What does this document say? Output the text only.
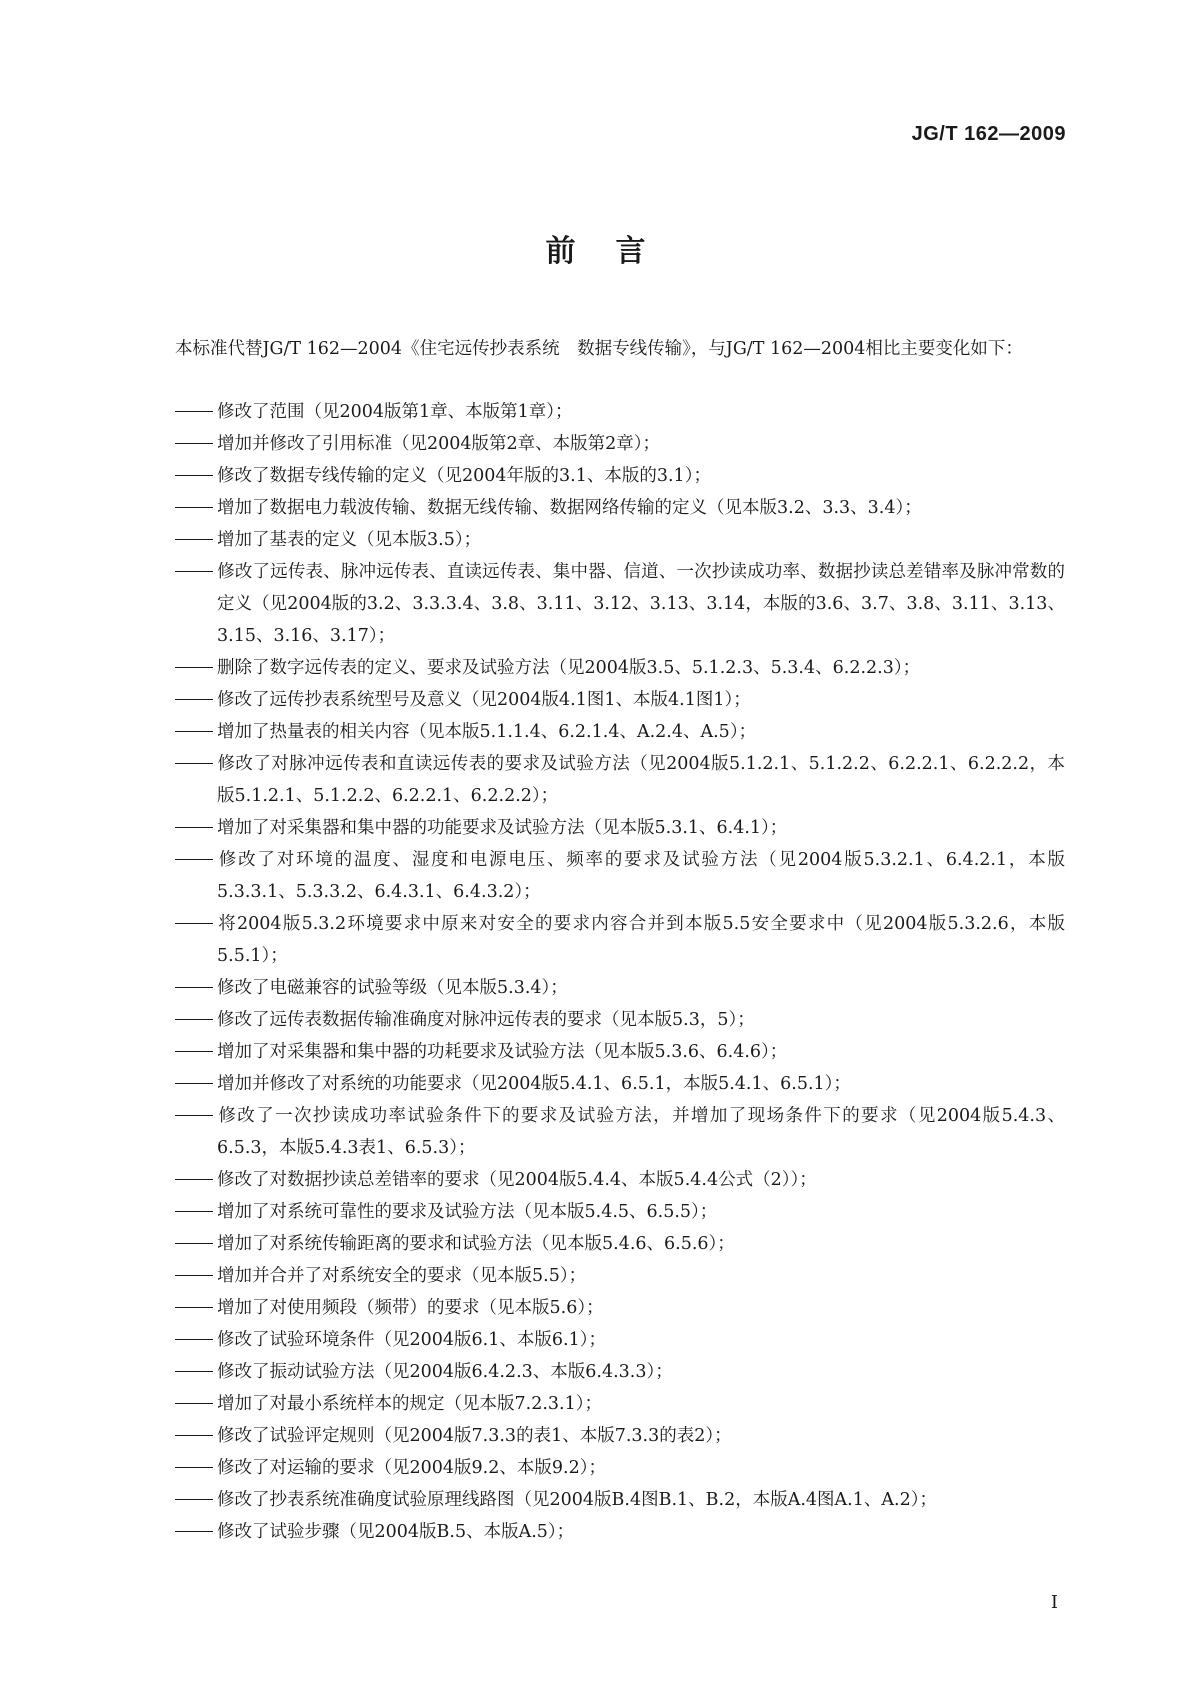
JG/T 162—2009
前言

本标准代替JG/T 162—2004《住宅远传抄表系统　数据专线传输》，与JG/T 162—2004相比主要变化如下：

修改了范围（见2004版第1章、本版第1章）；
增加并修改了引用标准（见2004版第2章、本版第2章）；
修改了数据专线传输的定义（见2004年版的3.1、本版的3.1）；
增加了数据电力载波传输、数据无线传输、数据网络传输的定义（见本版3.2、3.3、3.4）；
增加了基表的定义（见本版3.5）；
修改了远传表、脉冲远传表、直读远传表、集中器、信道、一次抄读成功率、数据抄读总差错率及脉冲常数的定义（见2004版的3.2、3.3.3.4、3.8、3.11、3.12、3.13、3.14，本版的3.6、3.7、3.8、3.11、3.13、3.15、3.16、3.17）；
删除了数字远传表的定义、要求及试验方法（见2004版3.5、5.1.2.3、5.3.4、6.2.2.3）；
修改了远传抄表系统型号及意义（见2004版4.1图1、本版4.1图1）；
增加了热量表的相关内容（见本版5.1.1.4、6.2.1.4、A.2.4、A.5）；
修改了对脉冲远传表和直读远传表的要求及试验方法（见2004版5.1.2.1、5.1.2.2、6.2.2.1、6.2.2.2，本版5.1.2.1、5.1.2.2、6.2.2.1、6.2.2.2）；
增加了对采集器和集中器的功能要求及试验方法（见本版5.3.1、6.4.1）；
修改了对环境的温度、湿度和电源电压、频率的要求及试验方法（见2004版5.3.2.1、6.4.2.1，本版5.3.3.1、5.3.3.2、6.4.3.1、6.4.3.2）；
将2004版5.3.2环境要求中原来对安全的要求内容合并到本版5.5安全要求中（见2004版5.3.2.6，本版5.5.1）；
修改了电磁兼容的试验等级（见本版5.3.4）；
修改了远传表数据传输准确度对脉冲远传表的要求（见本版5.3，5）；
增加了对采集器和集中器的功耗要求及试验方法（见本版5.3.6、6.4.6）；
增加并修改了对系统的功能要求（见2004版5.4.1、6.5.1，本版5.4.1、6.5.1）；
修改了一次抄读成功率试验条件下的要求及试验方法，并增加了现场条件下的要求（见2004版5.4.3、6.5.3，本版5.4.3表1、6.5.3）；
修改了对数据抄读总差错率的要求（见2004版5.4.4、本版5.4.4公式（2））；
增加了对系统可靠性的要求及试验方法（见本版5.4.5、6.5.5）；
增加了对系统传输距离的要求和试验方法（见本版5.4.6、6.5.6）；
增加并合并了对系统安全的要求（见本版5.5）；
增加了对使用频段（频带）的要求（见本版5.6）；
修改了试验环境条件（见2004版6.1、本版6.1）；
修改了振动试验方法（见2004版6.4.2.3、本版6.4.3.3）；
增加了对最小系统样本的规定（见本版7.2.3.1）；
修改了试验评定规则（见2004版7.3.3的表1、本版7.3.3的表2）；
修改了对运输的要求（见2004版9.2、本版9.2）；
修改了抄表系统准确度试验原理线路图（见2004版B.4图B.1、B.2，本版A.4图A.1、A.2）；
修改了试验步骤（见2004版B.5、本版A.5）；
I
